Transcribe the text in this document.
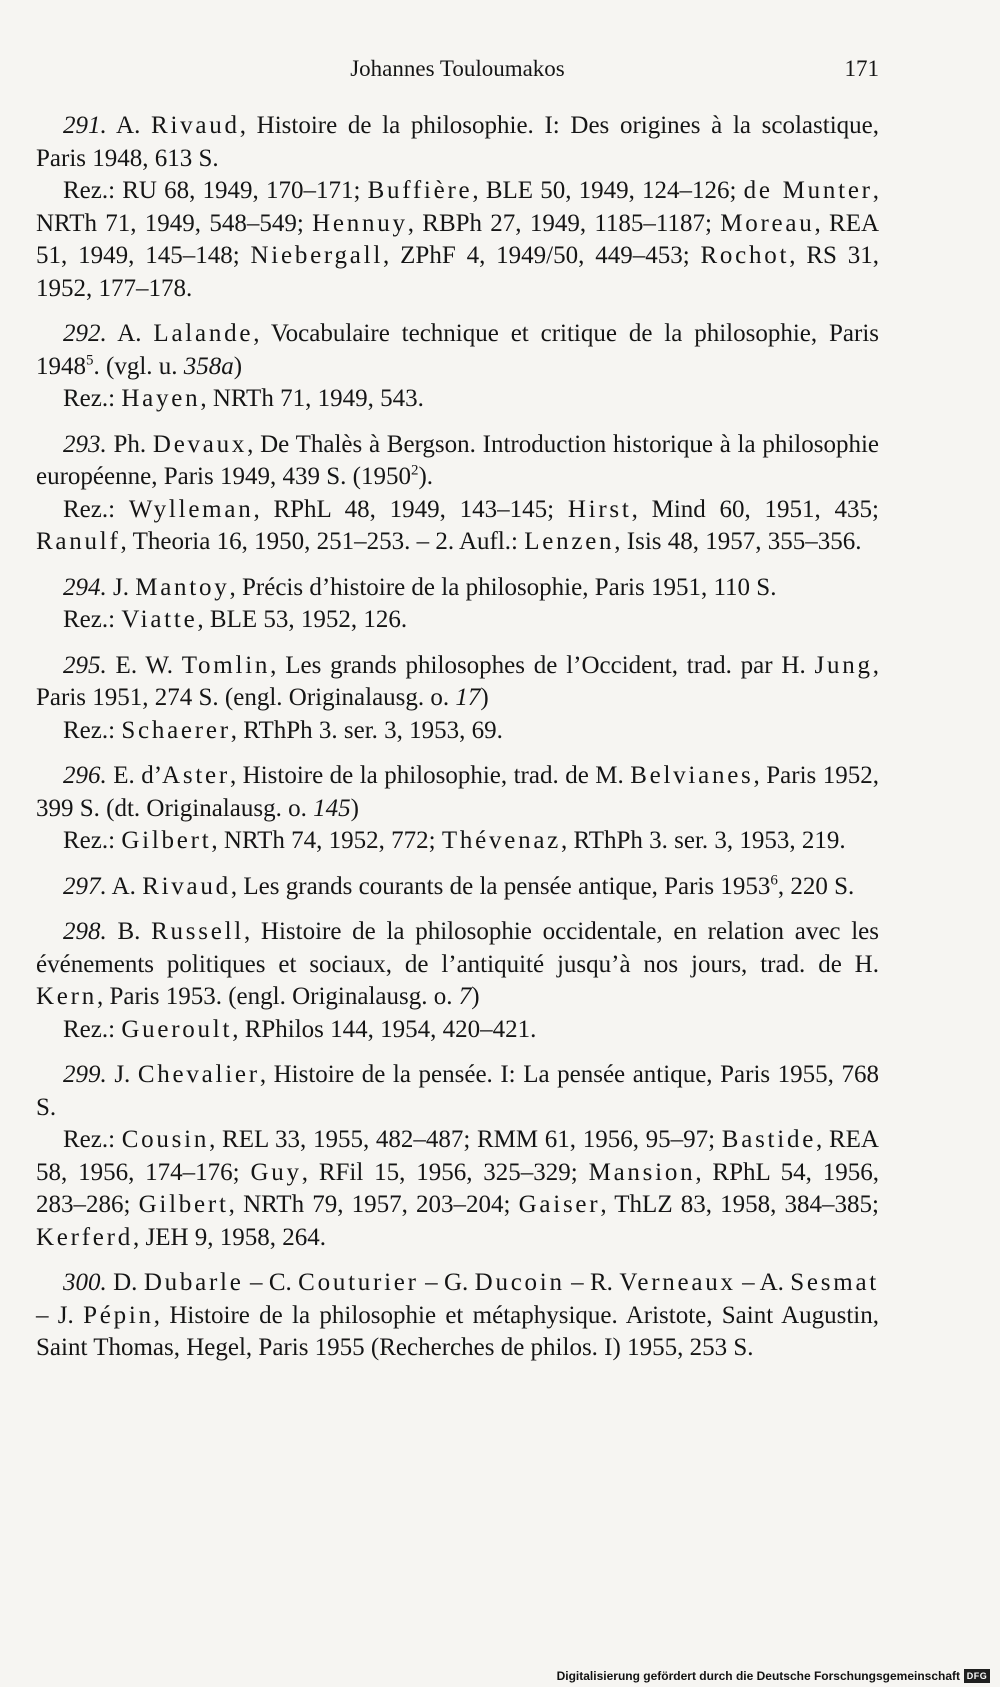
Johannes Touloumakos	171

291. A. Rivaud, Histoire de la philosophie. I: Des origines à la scolastique, Paris 1948, 613 S.

Rez.: RU 68, 1949, 170–171; Buffière, BLE 50, 1949, 124–126; de Munter, NRTh 71, 1949, 548–549; Hennuy, RBPh 27, 1949, 1185–1187; Moreau, REA 51, 1949, 145–148; Niebergall, ZPhF 4, 1949/50, 449–453; Rochot, RS 31, 1952, 177–178.

292. A. Lalande, Vocabulaire technique et critique de la philosophie, Paris 1948$^5$. (vgl. u. 358a)

Rez.: Hayen, NRTh 71, 1949, 543.

293. Ph. Devaux, De Thalès à Bergson. Introduction historique à la philosophie européenne, Paris 1949, 439 S. (1950$^2$).

Rez.: Wylleman, RPhL 48, 1949, 143–145; Hirst, Mind 60, 1951, 435; Ranulf, Theoria 16, 1950, 251–253. – 2. Aufl.: Lenzen, Isis 48, 1957, 355–356.

294. J. Mantoy, Précis d’histoire de la philosophie, Paris 1951, 110 S.

Rez.: Viatte, BLE 53, 1952, 126.

295. E. W. Tomlin, Les grands philosophes de l’Occident, trad. par H. Jung, Paris 1951, 274 S. (engl. Originalausg. o. 17)

Rez.: Schaerer, RThPh 3. ser. 3, 1953, 69.

296. E. d’Aster, Histoire de la philosophie, trad. de M. Belvianes, Paris 1952, 399 S. (dt. Originalausg. o. 145)

Rez.: Gilbert, NRTh 74, 1952, 772; Thévenaz, RThPh 3. ser. 3, 1953, 219.

297. A. Rivaud, Les grands courants de la pensée antique, Paris 1953$^6$, 220 S.

298. B. Russell, Histoire de la philosophie occidentale, en relation avec les événements politiques et sociaux, de l’antiquité jusqu’à nos jours, trad. de H. Kern, Paris 1953. (engl. Originalausg. o. 7)

Rez.: Gueroult, RPhilos 144, 1954, 420–421.

299. J. Chevalier, Histoire de la pensée. I: La pensée antique, Paris 1955, 768 S.

Rez.: Cousin, REL 33, 1955, 482–487; RMM 61, 1956, 95–97; Bastide, REA 58, 1956, 174–176; Guy, RFil 15, 1956, 325–329; Mansion, RPhL 54, 1956, 283–286; Gilbert, NRTh 79, 1957, 203–204; Gaiser, ThLZ 83, 1958, 384–385; Kerferd, JEH 9, 1958, 264.

300. D. Dubarle – C. Couturier – G. Ducoin – R. Verneaux – A. Sesmat – J. Pépin, Histoire de la philosophie et métaphysique. Aristote, Saint Augustin, Saint Thomas, Hegel, Paris 1955 (Recherches de philos. I) 1955, 253 S.

Digitalisierung gefördert durch die Deutsche Forschungsgemeinschaft DFG
